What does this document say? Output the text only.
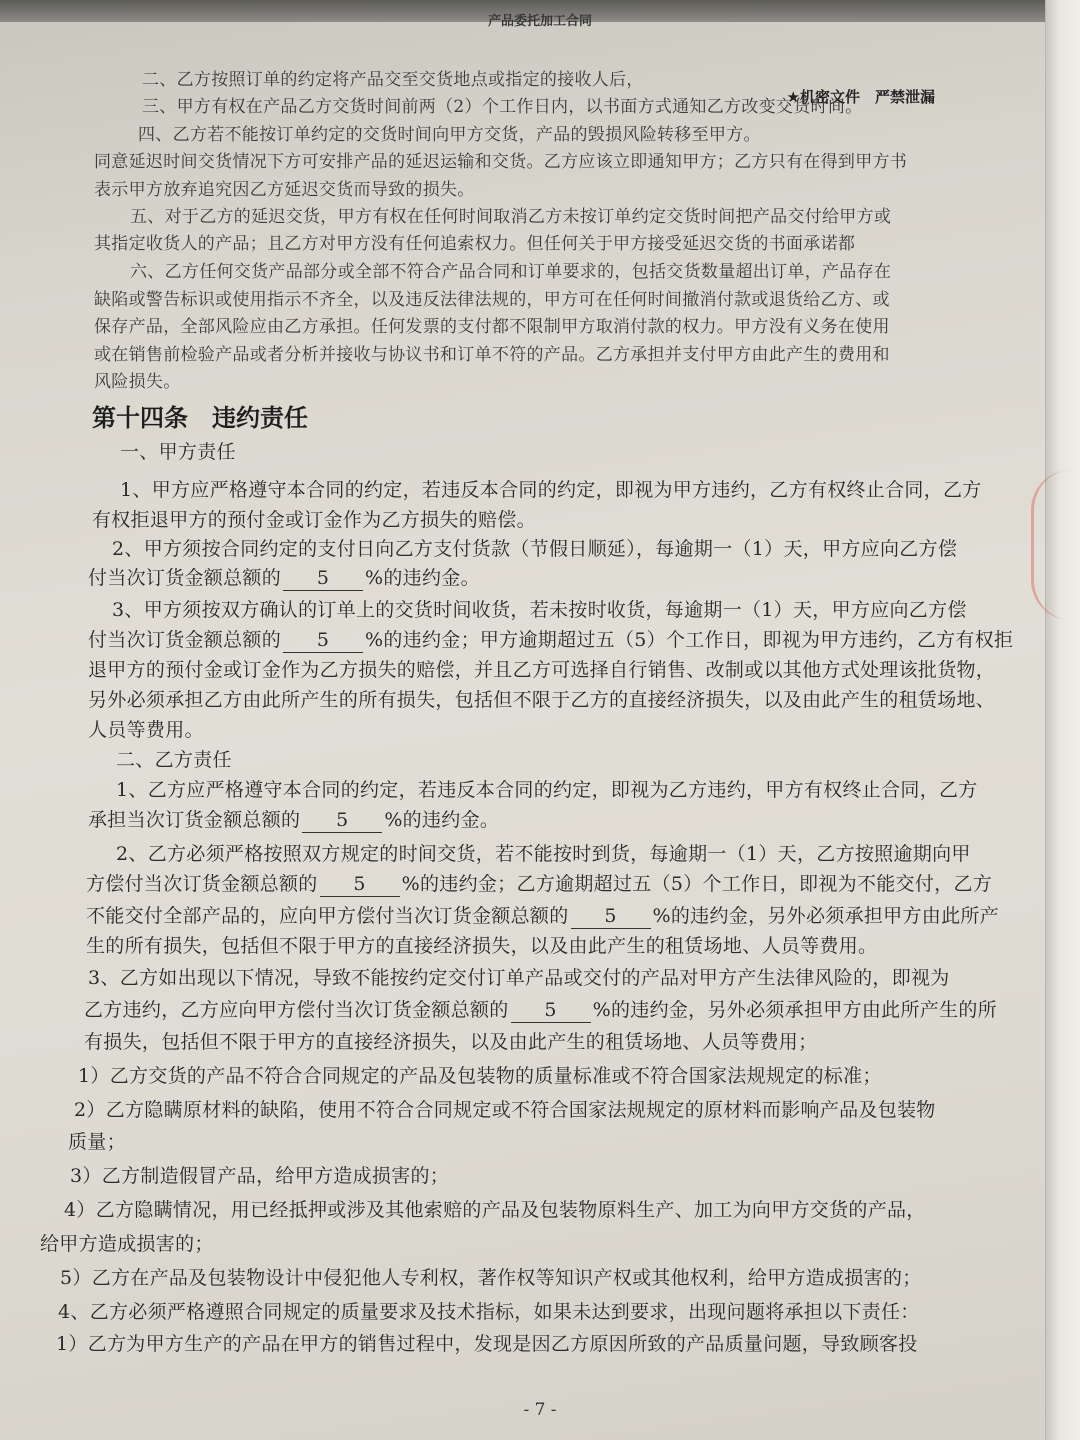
产品委托加工合同
★机密文件　严禁泄漏
二、乙方按照订单的约定将产品交至交货地点或指定的接收人后，
三、甲方有权在产品乙方交货时间前两（2）个工作日内，以书面方式通知乙方改变交货时间。
四、乙方若不能按订单约定的交货时间向甲方交货，产品的毁损风险转移至甲方。
同意延迟时间交货情况下方可安排产品的延迟运输和交货。乙方应该立即通知甲方；乙方只有在得到甲方书
表示甲方放弃追究因乙方延迟交货而导致的损失。
五、对于乙方的延迟交货，甲方有权在任何时间取消乙方未按订单约定交货时间把产品交付给甲方或
其指定收货人的产品；且乙方对甲方没有任何追索权力。但任何关于甲方接受延迟交货的书面承诺都
六、乙方任何交货产品部分或全部不符合产品合同和订单要求的，包括交货数量超出订单，产品存在
缺陷或警告标识或使用指示不齐全，以及违反法律法规的，甲方可在任何时间撤消付款或退货给乙方、或
保存产品，全部风险应由乙方承担。任何发票的支付都不限制甲方取消付款的权力。甲方没有义务在使用
或在销售前检验产品或者分析并接收与协议书和订单不符的产品。乙方承担并支付甲方由此产生的费用和
风险损失。
第十四条　违约责任
一、甲方责任
1、甲方应严格遵守本合同的约定，若违反本合同的约定，即视为甲方违约，乙方有权终止合同，乙方
有权拒退甲方的预付金或订金作为乙方损失的赔偿。
2、甲方须按合同约定的支付日向乙方支付货款（节假日顺延），每逾期一（1）天，甲方应向乙方偿
付当次订货金额总额的 5 %的违约金。
3、甲方须按双方确认的订单上的交货时间收货，若未按时收货，每逾期一（1）天，甲方应向乙方偿
付当次订货金额总额的 5 %的违约金；甲方逾期超过五（5）个工作日，即视为甲方违约，乙方有权拒
退甲方的预付金或订金作为乙方损失的赔偿，并且乙方可选择自行销售、改制或以其他方式处理该批货物，
另外必须承担乙方由此所产生的所有损失，包括但不限于乙方的直接经济损失，以及由此产生的租赁场地、
人员等费用。
二、乙方责任
1、乙方应严格遵守本合同的约定，若违反本合同的约定，即视为乙方违约，甲方有权终止合同，乙方
承担当次订货金额总额的 5 %的违约金。
2、乙方必须严格按照双方规定的时间交货，若不能按时到货，每逾期一（1）天，乙方按照逾期向甲
方偿付当次订货金额总额的 5 %的违约金；乙方逾期超过五（5）个工作日，即视为不能交付，乙方
不能交付全部产品的，应向甲方偿付当次订货金额总额的 5 %的违约金，另外必须承担甲方由此所产
生的所有损失，包括但不限于甲方的直接经济损失，以及由此产生的租赁场地、人员等费用。
3、乙方如出现以下情况，导致不能按约定交付订单产品或交付的产品对甲方产生法律风险的，即视为
乙方违约，乙方应向甲方偿付当次订货金额总额的 5 %的违约金，另外必须承担甲方由此所产生的所
有损失，包括但不限于甲方的直接经济损失，以及由此产生的租赁场地、人员等费用；
1）乙方交货的产品不符合合同规定的产品及包装物的质量标准或不符合国家法规规定的标准；
2）乙方隐瞒原材料的缺陷，使用不符合合同规定或不符合国家法规规定的原材料而影响产品及包装物
质量；
3）乙方制造假冒产品，给甲方造成损害的；
4）乙方隐瞒情况，用已经抵押或涉及其他索赔的产品及包装物原料生产、加工为向甲方交货的产品，
给甲方造成损害的；
5）乙方在产品及包装物设计中侵犯他人专利权，著作权等知识产权或其他权利，给甲方造成损害的；
4、乙方必须严格遵照合同规定的质量要求及技术指标，如果未达到要求，出现问题将承担以下责任：
1）乙方为甲方生产的产品在甲方的销售过程中，发现是因乙方原因所致的产品质量问题，导致顾客投
- 7 -
